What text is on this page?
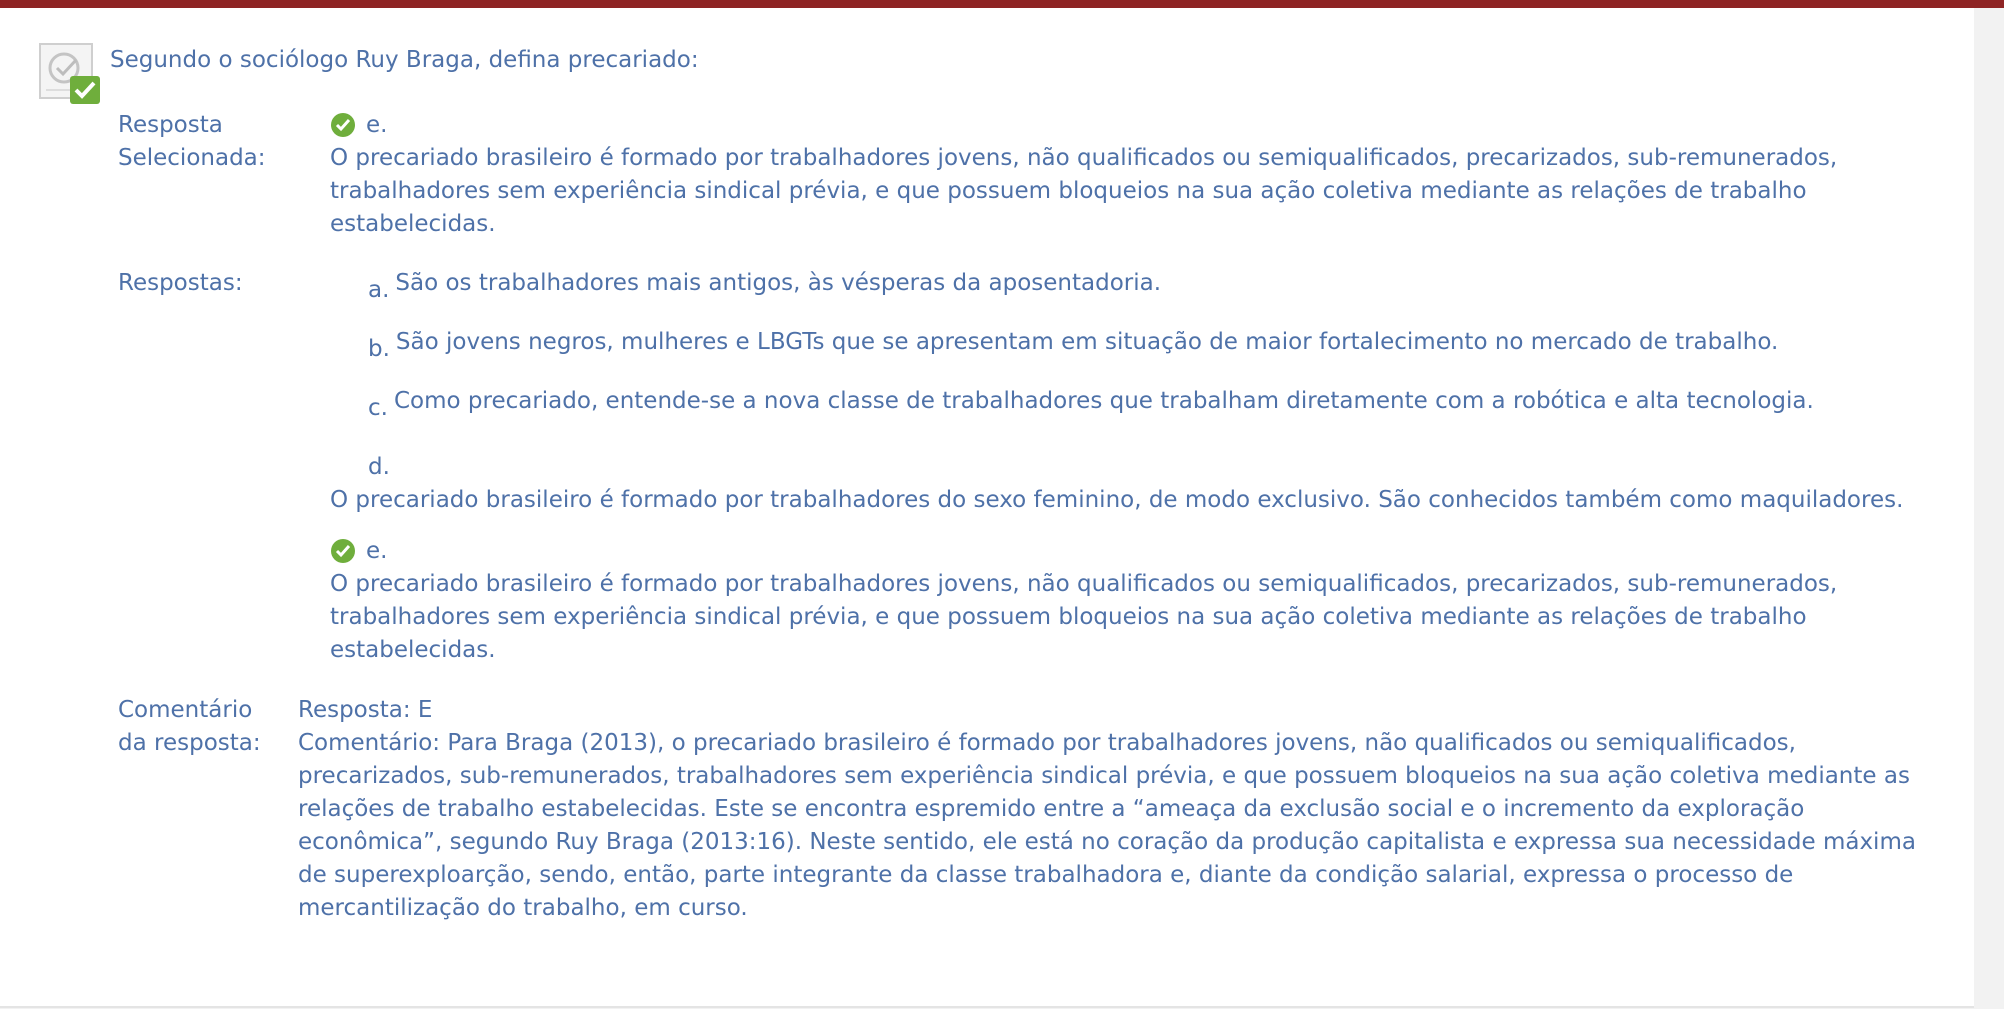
Segundo o sociólogo Ruy Braga, defina precariado:
Resposta
Selecionada:
e.
O precariado brasileiro é formado por trabalhadores jovens, não qualificados ou semiqualificados, precarizados, sub-remunerados, trabalhadores sem experiência sindical prévia, e que possuem bloqueios na sua ação coletiva mediante as relações de trabalho estabelecidas.
Respostas:	a. São os trabalhadores mais antigos, às vésperas da aposentadoria.
b. São jovens negros, mulheres e LBGTs que se apresentam em situação de maior fortalecimento no mercado de trabalho.
c. Como precariado, entende-se a nova classe de trabalhadores que trabalham diretamente com a robótica e alta tecnologia.
d.
O precariado brasileiro é formado por trabalhadores do sexo feminino, de modo exclusivo. São conhecidos também como maquiladores.
e.
O precariado brasileiro é formado por trabalhadores jovens, não qualificados ou semiqualificados, precarizados, sub-remunerados, trabalhadores sem experiência sindical prévia, e que possuem bloqueios na sua ação coletiva mediante as relações de trabalho estabelecidas.
Comentário
da resposta:
Resposta: E
Comentário: Para Braga (2013), o precariado brasileiro é formado por trabalhadores jovens, não qualificados ou semiqualificados, precarizados, sub-remunerados, trabalhadores sem experiência sindical prévia, e que possuem bloqueios na sua ação coletiva mediante as relações de trabalho estabelecidas. Este se encontra espremido entre a “ameaça da exclusão social e o incremento da exploração econômica”, segundo Ruy Braga (2013:16). Neste sentido, ele está no coração da produção capitalista e expressa sua necessidade máxima de superexploarção, sendo, então, parte integrante da classe trabalhadora e, diante da condição salarial, expressa o processo de mercantilização do trabalho, em curso.
